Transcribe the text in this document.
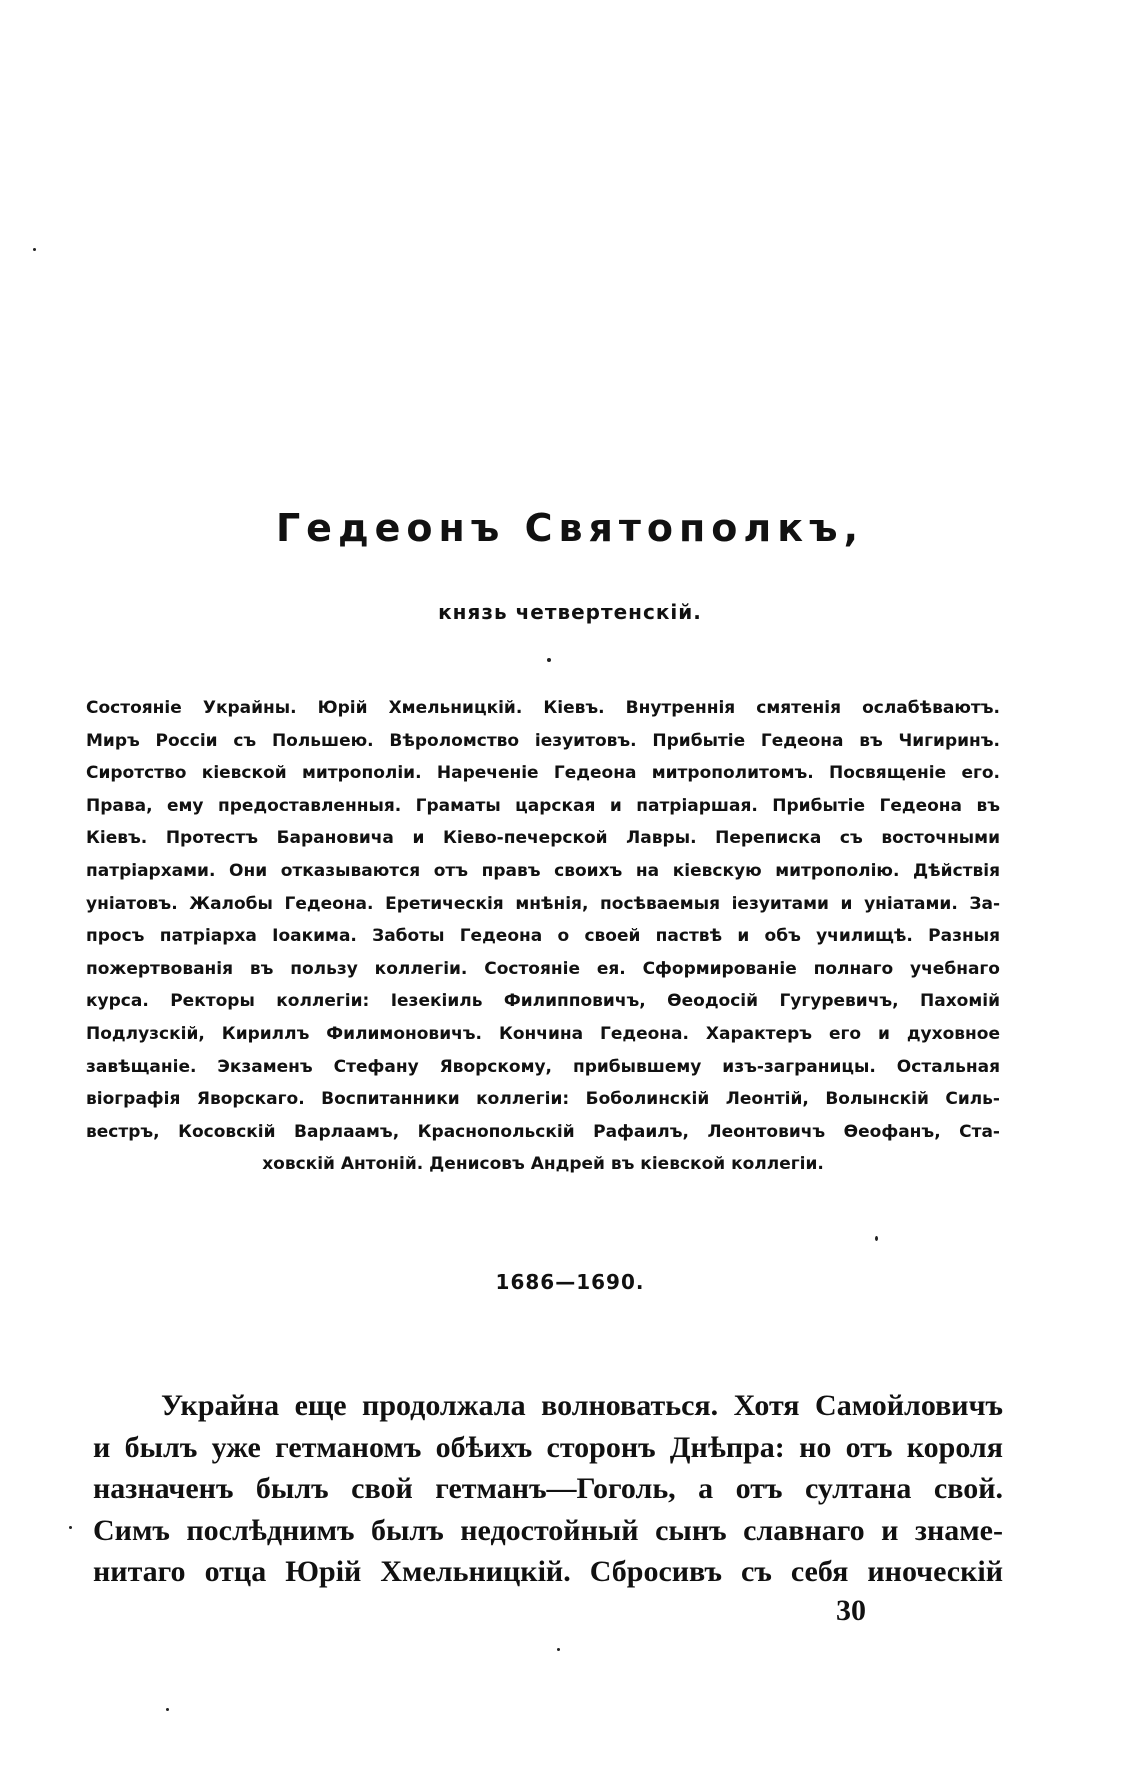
Гедеонъ Святополкъ,
князь четвертенскій.
Состояніе Украйны. Юрій Хмельницкій. Кіевъ. Внутреннія смятенія ослабѣваютъ.
Миръ Россіи съ Польшею. Вѣроломство іезуитовъ. Прибытіе Гедеона въ Чигиринъ.
Сиротство кіевской митрополіи. Нареченіе Гедеона митрополитомъ. Посвященіе его.
Права, ему предоставленныя. Граматы царская и патріаршая. Прибытіе Гедеона въ
Кіевъ. Протестъ Барановича и Кіево-печерской Лавры. Переписка съ восточными
патріархами. Они отказываются отъ правъ своихъ на кіевскую митрополію. Дѣйствія
уніатовъ. Жалобы Гедеона. Еретическія мнѣнія, посѣваемыя іезуитами и уніатами. За-
просъ патріарха Іоакима. Заботы Гедеона о своей паствѣ и объ училищѣ. Разныя
пожертвованія въ пользу коллегіи. Состояніе ея. Сформированіе полнаго учебнаго
курса. Ректоры коллегіи: Іезекіиль Филипповичъ, Ѳеодосій Гугуревичъ, Пахомій
Подлузскій, Кириллъ Филимоновичъ. Кончина Гедеона. Характеръ его и духовное
завѣщаніе. Экзаменъ Стефану Яворскому, прибывшему изъ-заграницы. Остальная
віографія Яворскаго. Воспитанники коллегіи: Боболинскій Леонтій, Волынскій Силь-
вестръ, Косовскій Варлаамъ, Краснопольскій Рафаилъ, Леонтовичъ Ѳеофанъ, Ста-
ховскій Антоній. Денисовъ Андрей въ кіевской коллегіи.
1686—1690.
Украйна еще продолжала волноваться. Хотя Самойловичъ
и былъ уже гетманомъ обѣихъ сторонъ Днѣпра: но отъ короля
назначенъ былъ свой гетманъ—Гоголь, а отъ султана свой.
Симъ послѣднимъ былъ недостойный сынъ славнаго и знаме-
нитаго отца Юрій Хмельницкій. Сбросивъ съ себя иноческій
30
